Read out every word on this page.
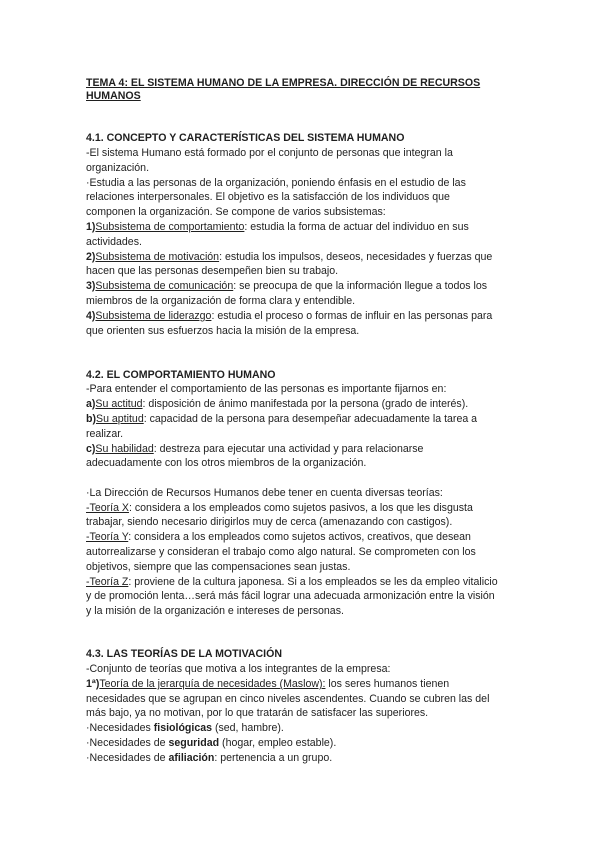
TEMA 4: EL SISTEMA HUMANO DE LA EMPRESA. DIRECCIÓN DE RECURSOS
HUMANOS
4.1. CONCEPTO Y CARACTERÍSTICAS DEL SISTEMA HUMANO
-El sistema Humano está formado por el conjunto de personas que integran la
organización.
·Estudia a las personas de la organización, poniendo énfasis en el estudio de las
relaciones interpersonales. El objetivo es la satisfacción de los individuos que
componen la organización. Se compone de varios subsistemas:
1)Subsistema de comportamiento: estudia la forma de actuar del individuo en sus
actividades.
2)Subsistema de motivación: estudia los impulsos, deseos, necesidades y fuerzas que
hacen que las personas desempeñen bien su trabajo.
3)Subsistema de comunicación: se preocupa de que la información llegue a todos los
miembros de la organización de forma clara y entendible.
4)Subsistema de liderazgo: estudia el proceso o formas de influir en las personas para
que orienten sus esfuerzos hacia la misión de la empresa.
4.2. EL COMPORTAMIENTO HUMANO
-Para entender el comportamiento de las personas es importante fijarnos en:
a)Su actitud: disposición de ánimo manifestada por la persona (grado de interés).
b)Su aptitud: capacidad de la persona para desempeñar adecuadamente la tarea a
realizar.
c)Su habilidad: destreza para ejecutar una actividad y para relacionarse
adecuadamente con los otros miembros de la organización.
·La Dirección de Recursos Humanos debe tener en cuenta diversas teorías:
-Teoría X: considera a los empleados como sujetos pasivos, a los que les disgusta
trabajar, siendo necesario dirigirlos muy de cerca (amenazando con castigos).
-Teoría Y: considera a los empleados como sujetos activos, creativos, que desean
autorrealizarse y consideran el trabajo como algo natural. Se comprometen con los
objetivos, siempre que las compensaciones sean justas.
-Teoría Z: proviene de la cultura japonesa. Si a los empleados se les da empleo vitalicio
y de promoción lenta…será más fácil lograr una adecuada armonización entre la visión
y la misión de la organización e intereses de personas.
4.3. LAS TEORÍAS DE LA MOTIVACIÓN
-Conjunto de teorías que motiva a los integrantes de la empresa:
1ª)Teoría de la jerarquía de necesidades (Maslow): los seres humanos tienen
necesidades que se agrupan en cinco niveles ascendentes. Cuando se cubren las del
más bajo, ya no motivan, por lo que tratarán de satisfacer las superiores.
·Necesidades fisiológicas (sed, hambre).
·Necesidades de seguridad (hogar, empleo estable).
·Necesidades de afiliación: pertenencia a un grupo.
